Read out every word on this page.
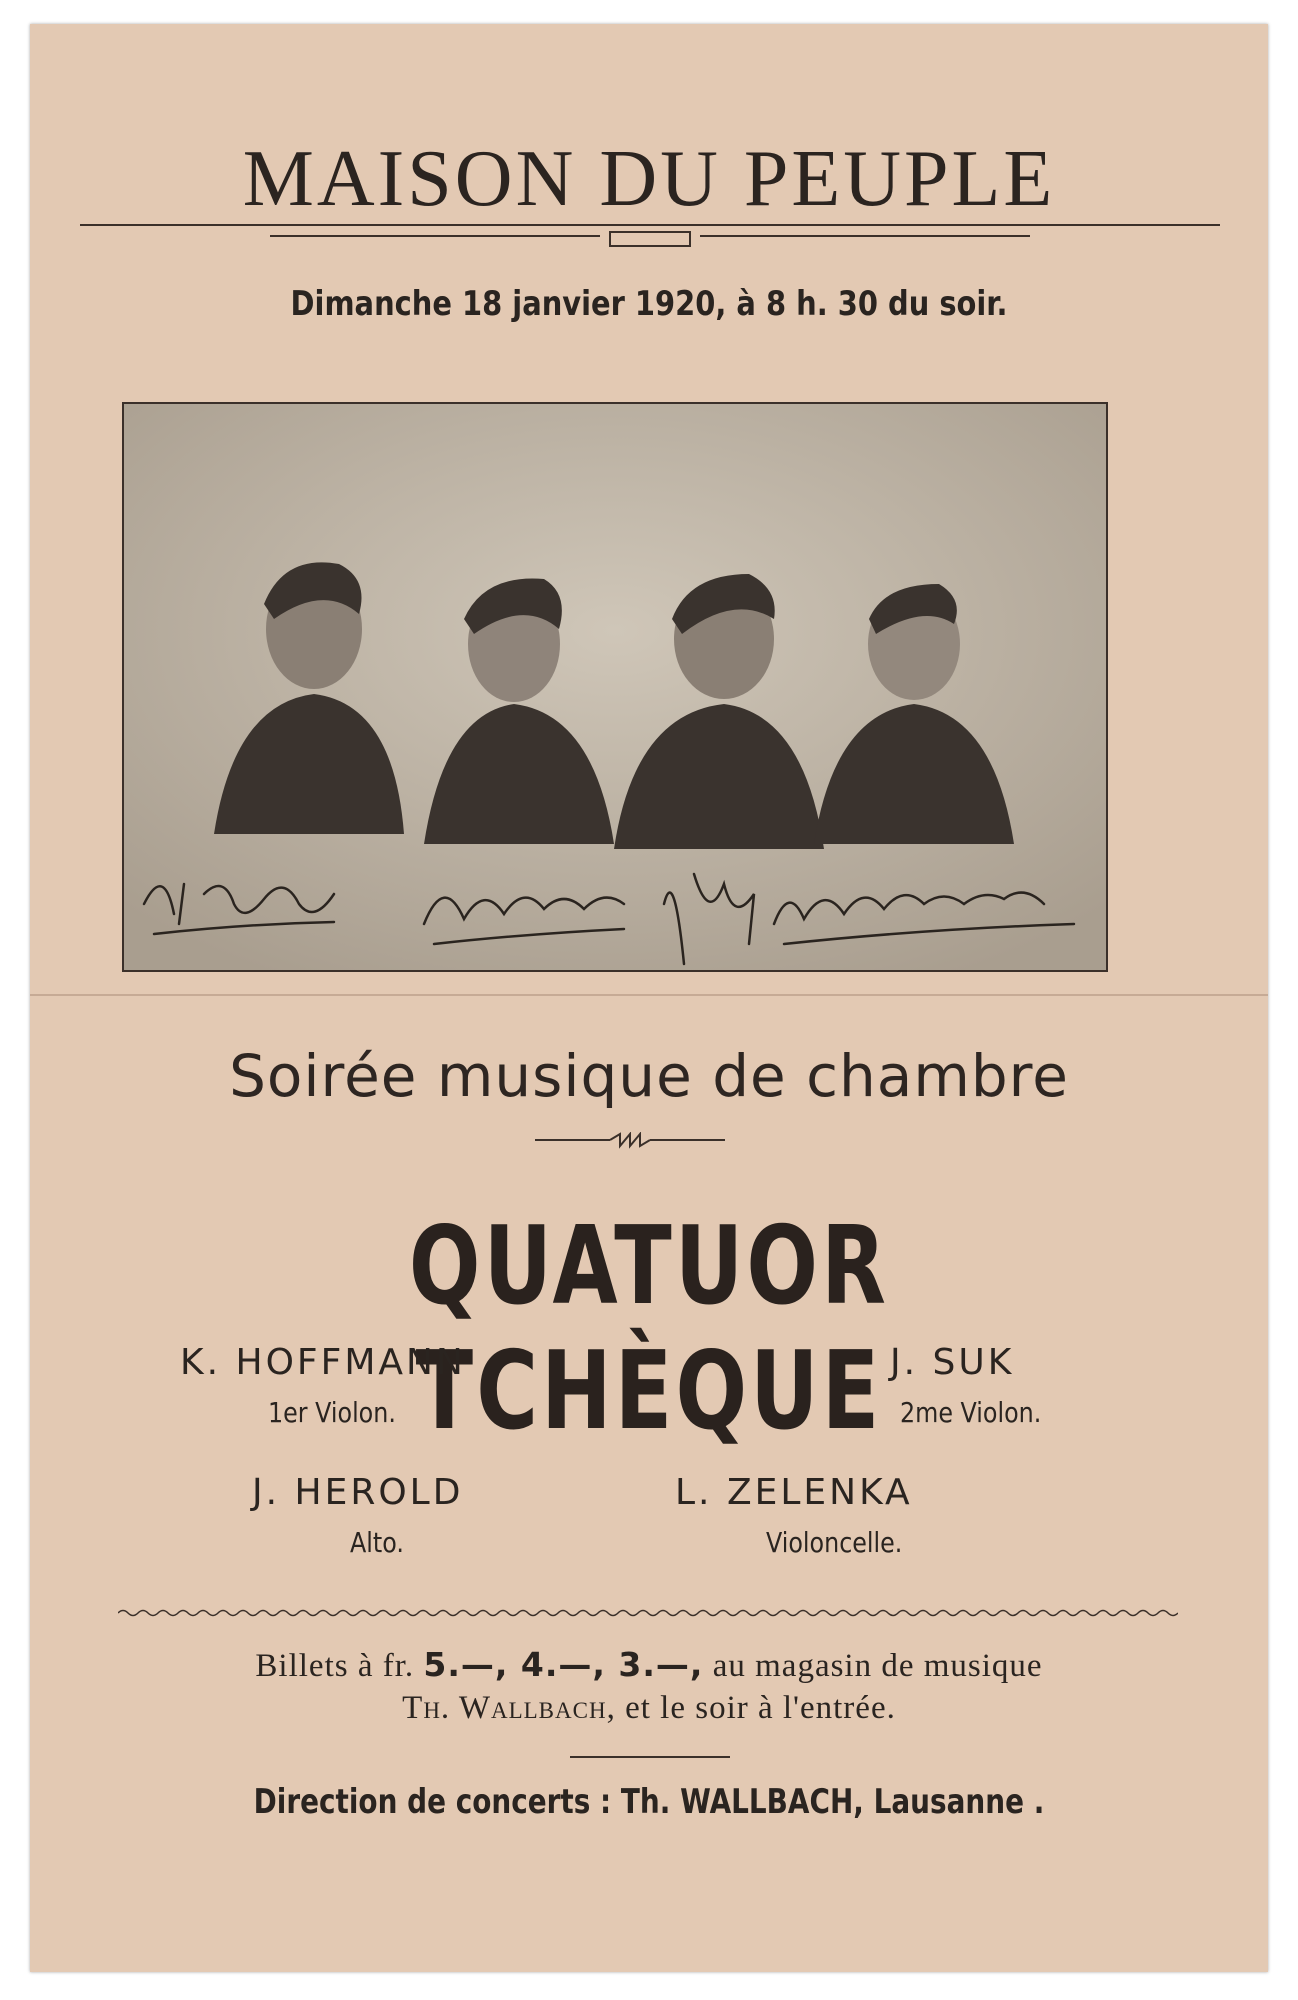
MAISON DU PEUPLE
Dimanche 18 janvier 1920, à 8 h. 30 du soir.
Soirée musique de chambre
QUATUOR TCHÈQUE
K. HOFFMANN
1er Violon.
J. SUK
2me Violon.
J. HEROLD
Alto.
L. ZELENKA
Violoncelle.
Billets à fr. 5.—, 4.—, 3.—, au magasin de musique
Th. Wallbach, et le soir à l'entrée.
Direction de concerts : Th. WALLBACH, Lausanne .
